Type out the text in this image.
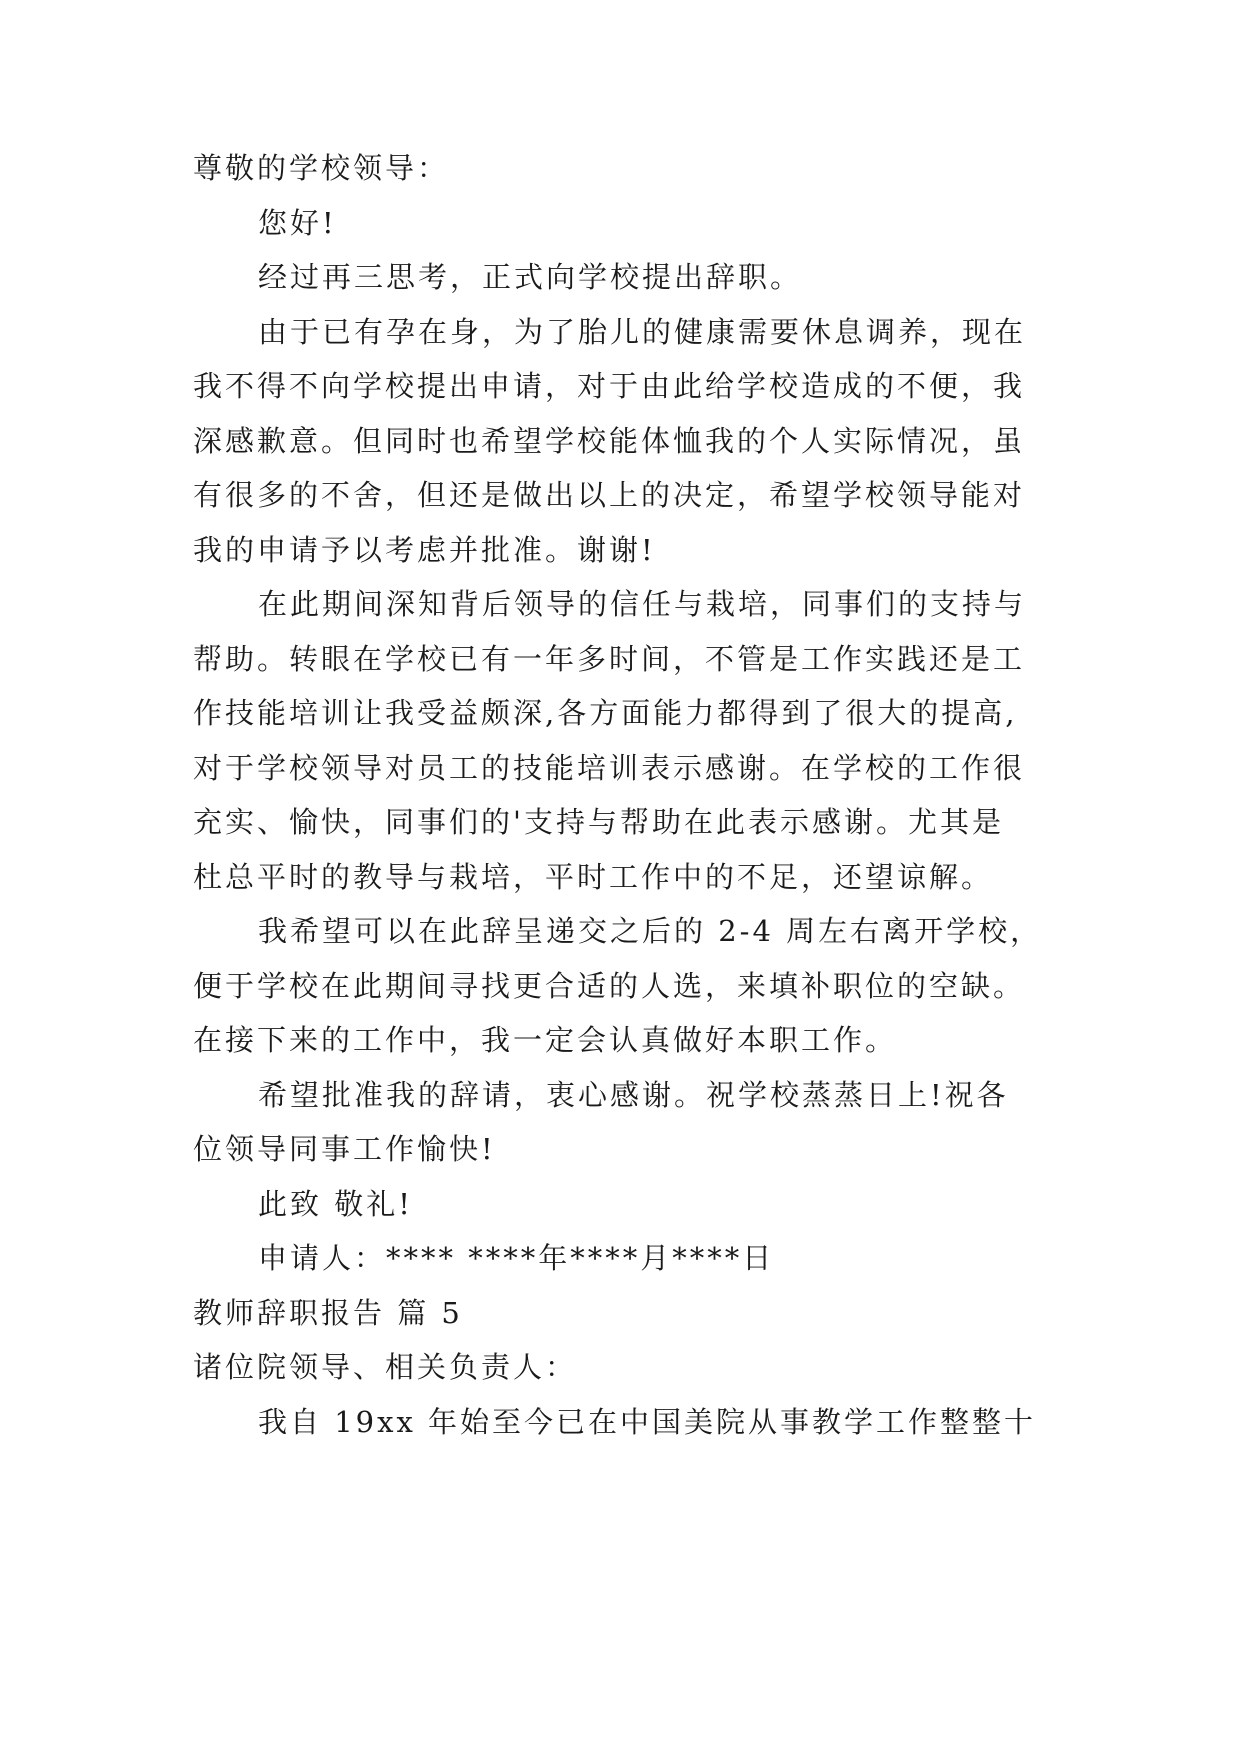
尊敬的学校领导：
您好!
经过再三思考，正式向学校提出辞职。
由于已有孕在身，为了胎儿的健康需要休息调养，现在
我不得不向学校提出申请，对于由此给学校造成的不便，我
深感歉意。但同时也希望学校能体恤我的个人实际情况，虽
有很多的不舍，但还是做出以上的决定，希望学校领导能对
我的申请予以考虑并批准。谢谢!
在此期间深知背后领导的信任与栽培，同事们的支持与
帮助。转眼在学校已有一年多时间，不管是工作实践还是工
作技能培训让我受益颇深,各方面能力都得到了很大的提高,
对于学校领导对员工的技能培训表示感谢。在学校的工作很
充实、愉快，同事们的'支持与帮助在此表示感谢。尤其是
杜总平时的教导与栽培，平时工作中的不足，还望谅解。
我希望可以在此辞呈递交之后的 2-4 周左右离开学校，
便于学校在此期间寻找更合适的人选，来填补职位的空缺。
在接下来的工作中，我一定会认真做好本职工作。
希望批准我的辞请，衷心感谢。祝学校蒸蒸日上!祝各
位领导同事工作愉快!
此致 敬礼!
申请人：**** ****年****月****日
教师辞职报告 篇 5
诸位院领导、相关负责人：
我自 19xx 年始至今已在中国美院从事教学工作整整十
